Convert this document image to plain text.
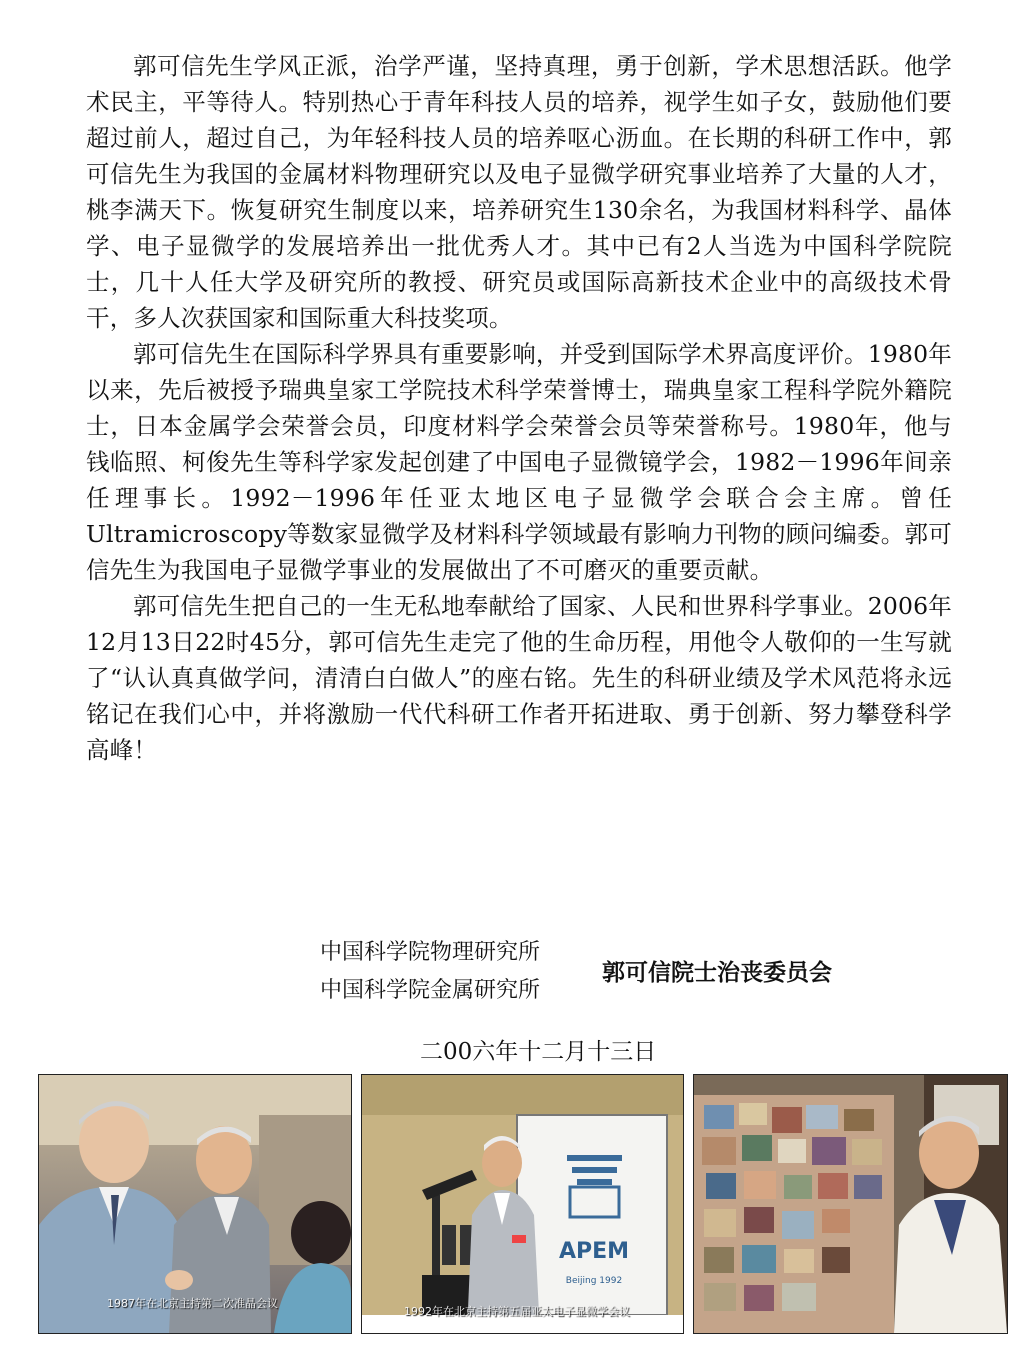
郭可信先生学风正派，治学严谨，坚持真理，勇于创新，学术思想活跃。他学术民主，平等待人。特别热心于青年科技人员的培养，视学生如子女，鼓励他们要超过前人，超过自己，为年轻科技人员的培养呕心沥血。在长期的科研工作中，郭可信先生为我国的金属材料物理研究以及电子显微学研究事业培养了大量的人才，桃李满天下。恢复研究生制度以来，培养研究生130余名，为我国材料科学、晶体学、电子显微学的发展培养出一批优秀人才。其中已有2人当选为中国科学院院士，几十人任大学及研究所的教授、研究员或国际高新技术企业中的高级技术骨干，多人次获国家和国际重大科技奖项。

郭可信先生在国际科学界具有重要影响，并受到国际学术界高度评价。1980年以来，先后被授予瑞典皇家工学院技术科学荣誉博士，瑞典皇家工程科学院外籍院士，日本金属学会荣誉会员，印度材料学会荣誉会员等荣誉称号。1980年，他与钱临照、柯俊先生等科学家发起创建了中国电子显微镜学会，1982－1996年间亲任理事长。1992－1996年任亚太地区电子显微学会联合会主席。曾任Ultramicroscopy等数家显微学及材料科学领域最有影响力刊物的顾问编委。郭可信先生为我国电子显微学事业的发展做出了不可磨灭的重要贡献。

郭可信先生把自己的一生无私地奉献给了国家、人民和世界科学事业。2006年12月13日22时45分，郭可信先生走完了他的生命历程，用他令人敬仰的一生写就了“认认真真做学问，清清白白做人”的座右铭。先生的科研业绩及学术风范将永远铭记在我们心中，并将激励一代代科研工作者开拓进取、勇于创新、努力攀登科学高峰！

中国科学院物理研究所
中国科学院金属研究所
郭可信院士治丧委员会
二00六年十二月十三日
1987年在北京主持第二次准晶会议
APEM
Beijing 1992
1992年在北京主持第五届亚太电子显微学会议
